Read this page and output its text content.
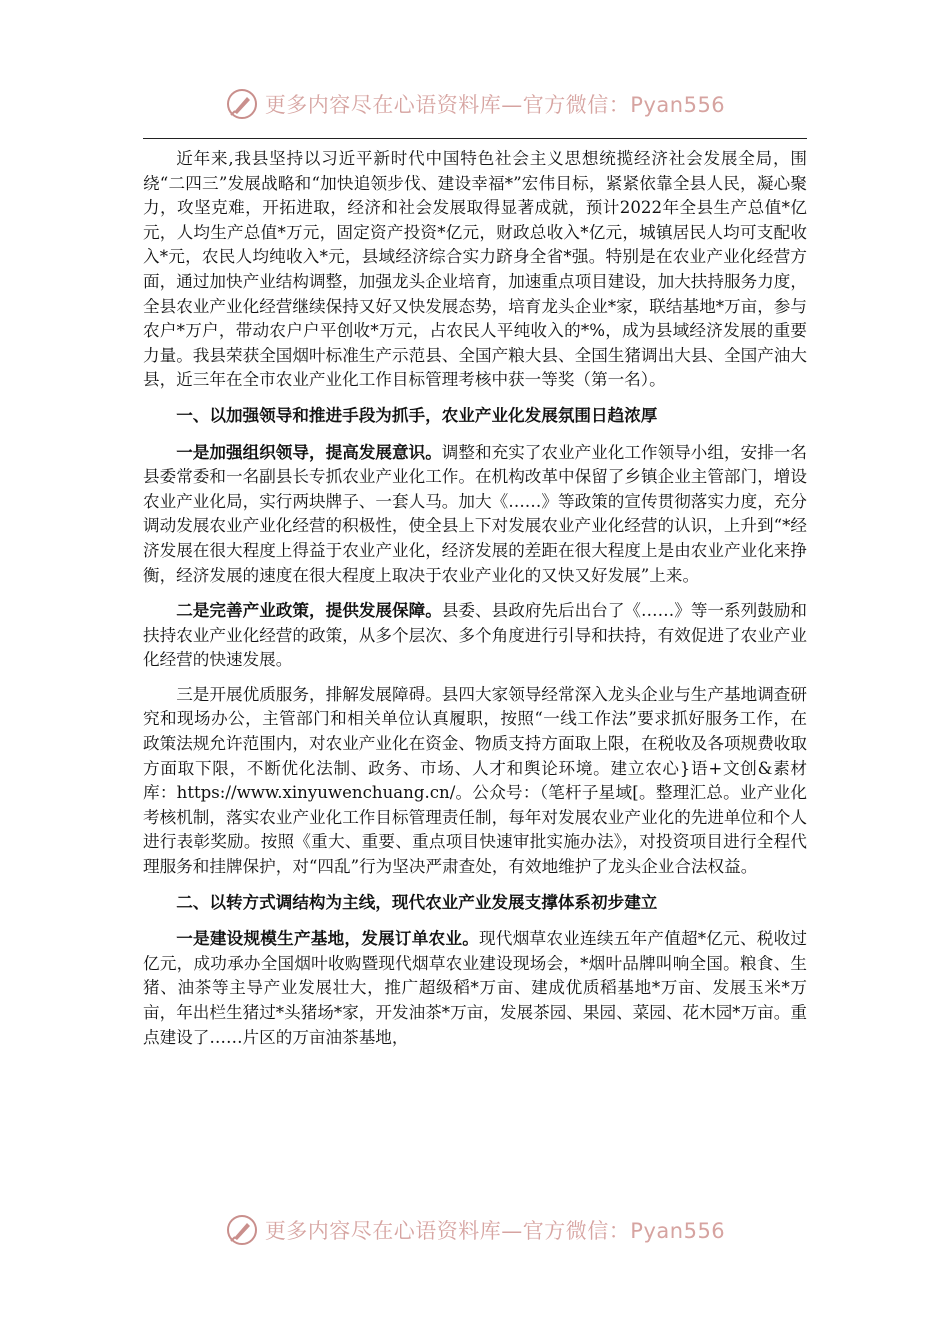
更多内容尽在心语资料库—官方微信：Pyan556

近年来,我县坚持以习近平新时代中国特色社会主义思想统揽经济社会发展全局，围绕“二四三”发展战略和“加快追领步伐、建设幸福*”宏伟目标，紧紧依靠全县人民，凝心聚力，攻坚克难，开拓进取，经济和社会发展取得显著成就，预计2022年全县生产总值*亿元，人均生产总值*万元，固定资产投资*亿元，财政总收入*亿元，城镇居民人均可支配收入*元，农民人均纯收入*元，县域经济综合实力跻身全省*强。特别是在农业产业化经营方面，通过加快产业结构调整，加强龙头企业培育，加速重点项目建设，加大扶持服务力度，全县农业产业化经营继续保持又好又快发展态势，培育龙头企业*家，联结基地*万亩，参与农户*万户，带动农户户平创收*万元，占农民人平纯收入的*%，成为县域经济发展的重要力量。我县荣获全国烟叶标准生产示范县、全国产粮大县、全国生猪调出大县、全国产油大县，近三年在全市农业产业化工作目标管理考核中获一等奖（第一名）。

一、以加强领导和推进手段为抓手，农业产业化发展氛围日趋浓厚

一是加强组织领导，提高发展意识。调整和充实了农业产业化工作领导小组，安排一名县委常委和一名副县长专抓农业产业化工作。在机构改革中保留了乡镇企业主管部门，增设农业产业化局，实行两块牌子、一套人马。加大《……》等政策的宣传贯彻落实力度，充分调动发展农业产业化经营的积极性，使全县上下对发展农业产业化经营的认识，上升到“*经济发展在很大程度上得益于农业产业化，经济发展的差距在很大程度上是由农业产业化来挣衡，经济发展的速度在很大程度上取决于农业产业化的又快又好发展”上来。

二是完善产业政策，提供发展保障。县委、县政府先后出台了《……》等一系列鼓励和扶持农业产业化经营的政策，从多个层次、多个角度进行引导和扶持，有效促进了农业产业化经营的快速发展。

三是开展优质服务，排解发展障碍。县四大家领导经常深入龙头企业与生产基地调查研究和现场办公，主管部门和相关单位认真履职，按照“一线工作法”要求抓好服务工作，在政策法规允许范围内，对农业产业化在资金、物质支持方面取上限，在税收及各项规费收取方面取下限，不断优化法制、政务、市场、人才和舆论环境。建立农心}语+文创&素材库：https://www.xinyuwenchuang.cn/。公众号：（笔杆子星域[。整理汇总。业产业化考核机制，落实农业产业化工作目标管理责任制，每年对发展农业产业化的先进单位和个人进行表彰奖励。按照《重大、重要、重点项目快速审批实施办法》，对投资项目进行全程代理服务和挂牌保护，对“四乱”行为坚决严肃查处，有效地维护了龙头企业合法权益。

二、以转方式调结构为主线，现代农业产业发展支撑体系初步建立

一是建设规模生产基地，发展订单农业。现代烟草农业连续五年产值超*亿元、税收过亿元，成功承办全国烟叶收购暨现代烟草农业建设现场会，*烟叶品牌叫响全国。粮食、生猪、油茶等主导产业发展壮大，推广超级稻*万亩、建成优质稻基地*万亩、发展玉米*万亩，年出栏生猪过*头猪场*家，开发油茶*万亩，发展茶园、果园、菜园、花木园*万亩。重点建设了……片区的万亩油茶基地，

更多内容尽在心语资料库—官方微信：Pyan556
